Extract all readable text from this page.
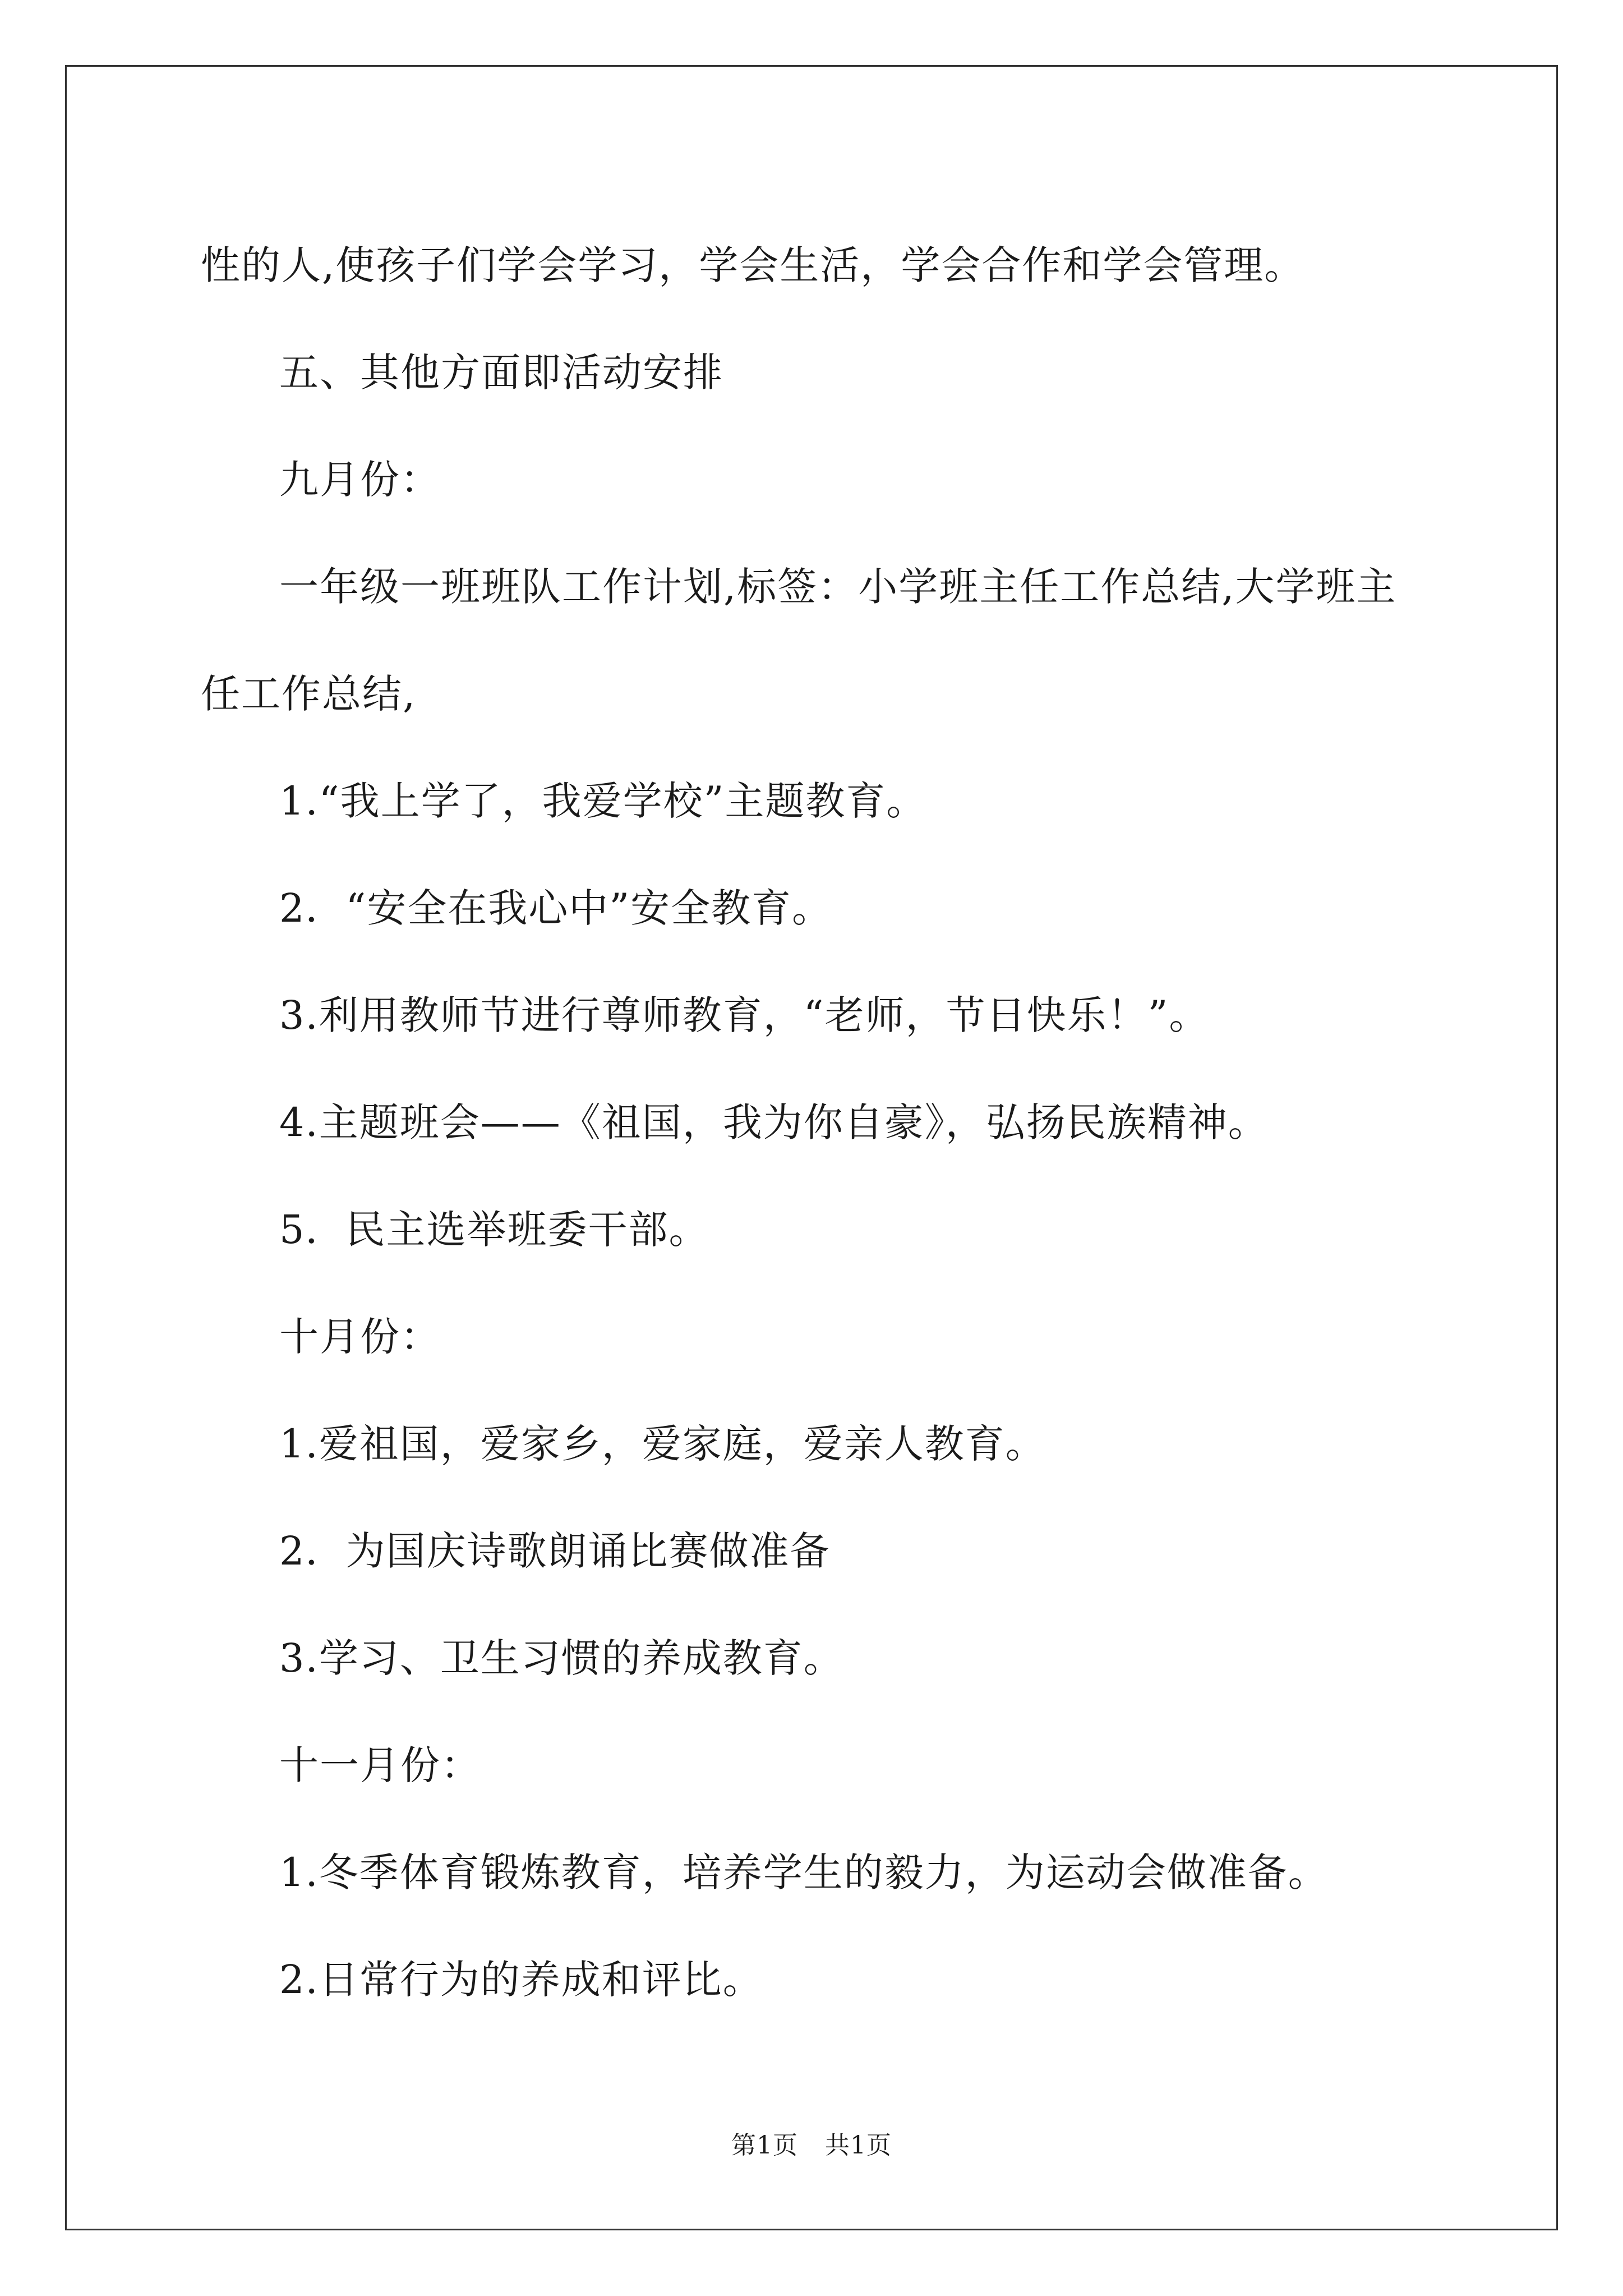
性的人,使孩子们学会学习，学会生活，学会合作和学会管理。

五、其他方面即活动安排

九月份：

一年级一班班队工作计划,标签：小学班主任工作总结,大学班主

任工作总结,

1.“我上学了，我爱学校”主题教育。

2．“安全在我心中”安全教育。

3.利用教师节进行尊师教育，“老师，节日快乐！”。

4.主题班会——《祖国，我为你自豪》，弘扬民族精神。

5．民主选举班委干部。

十月份：

1.爱祖国，爱家乡，爱家庭，爱亲人教育。

2．为国庆诗歌朗诵比赛做准备

3.学习、卫生习惯的养成教育。

十一月份：

1.冬季体育锻炼教育，培养学生的毅力，为运动会做准备。

2.日常行为的养成和评比。

第1页 共1页
